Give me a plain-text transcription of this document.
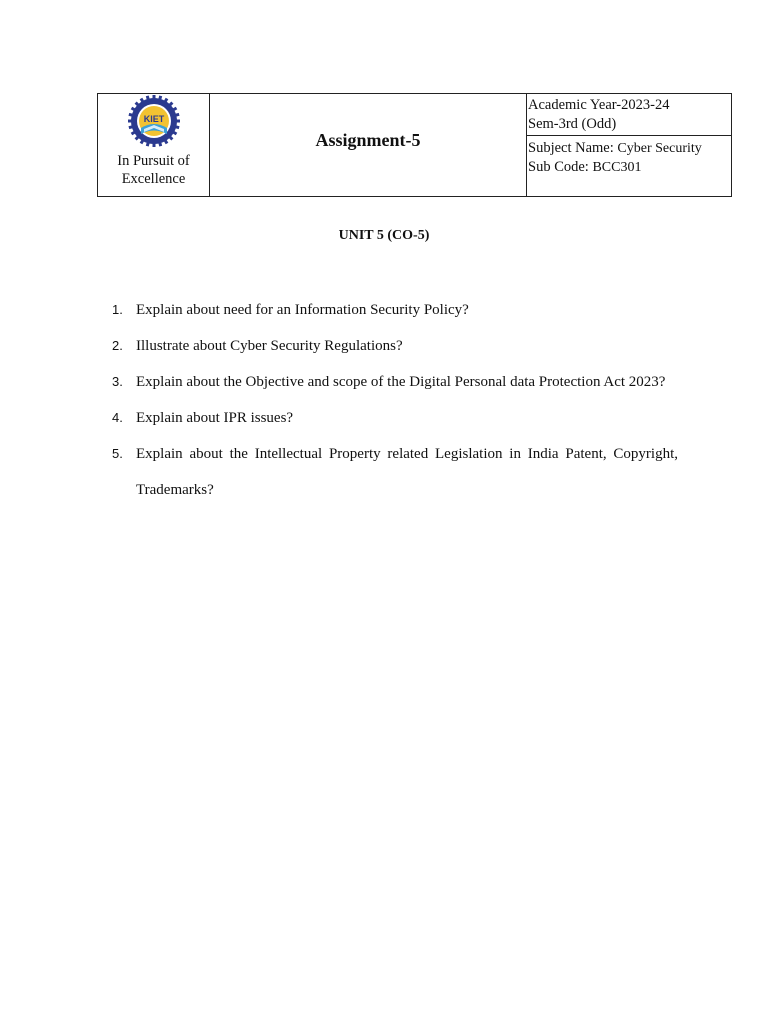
KIET
In Pursuit of
Excellence
	Assignment-5	
Academic Year-2023-24
Sem-3rd (Odd)
Subject Name: Cyber Security
Sub Code: BCC301
UNIT 5 (CO-5)
1. Explain about need for an Information Security Policy?
2. Illustrate about Cyber Security Regulations?
3. Explain about the Objective and scope of the Digital Personal data Protection Act 2023?
4. Explain about IPR issues?
5. Explain about the Intellectual Property related Legislation in India Patent, Copyright, Trademarks?
